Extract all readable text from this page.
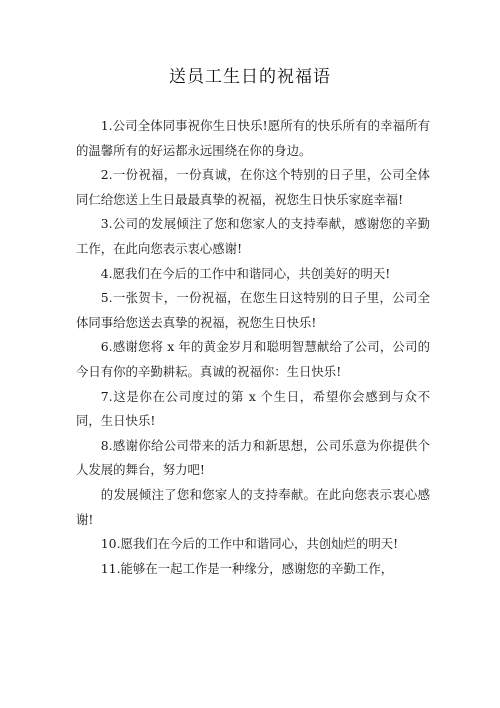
送员工生日的祝福语

1.公司全体同事祝你生日快乐!愿所有的快乐所有的幸福所有的温馨所有的好运都永远围绕在你的身边。

2.一份祝福，一份真诚，在你这个特别的日子里，公司全体同仁给您送上生日最最真挚的祝福，祝您生日快乐家庭幸福!

3.公司的发展倾注了您和您家人的支持奉献，感谢您的辛勤工作，在此向您表示衷心感谢!

4.愿我们在今后的工作中和谐同心，共创美好的明天!

5.一张贺卡，一份祝福，在您生日这特别的日子里，公司全体同事给您送去真挚的祝福，祝您生日快乐!

6.感谢您将 x 年的黄金岁月和聪明智慧献给了公司，公司的今日有你的辛勤耕耘。真诚的祝福你：生日快乐!

7.这是你在公司度过的第 x 个生日，希望你会感到与众不同，生日快乐!

8.感谢你给公司带来的活力和新思想，公司乐意为你提供个人发展的舞台，努力吧!

的发展倾注了您和您家人的支持奉献。在此向您表示衷心感谢!

10.愿我们在今后的工作中和谐同心，共创灿烂的明天!

11.能够在一起工作是一种缘分，感谢您的辛勤工作，
